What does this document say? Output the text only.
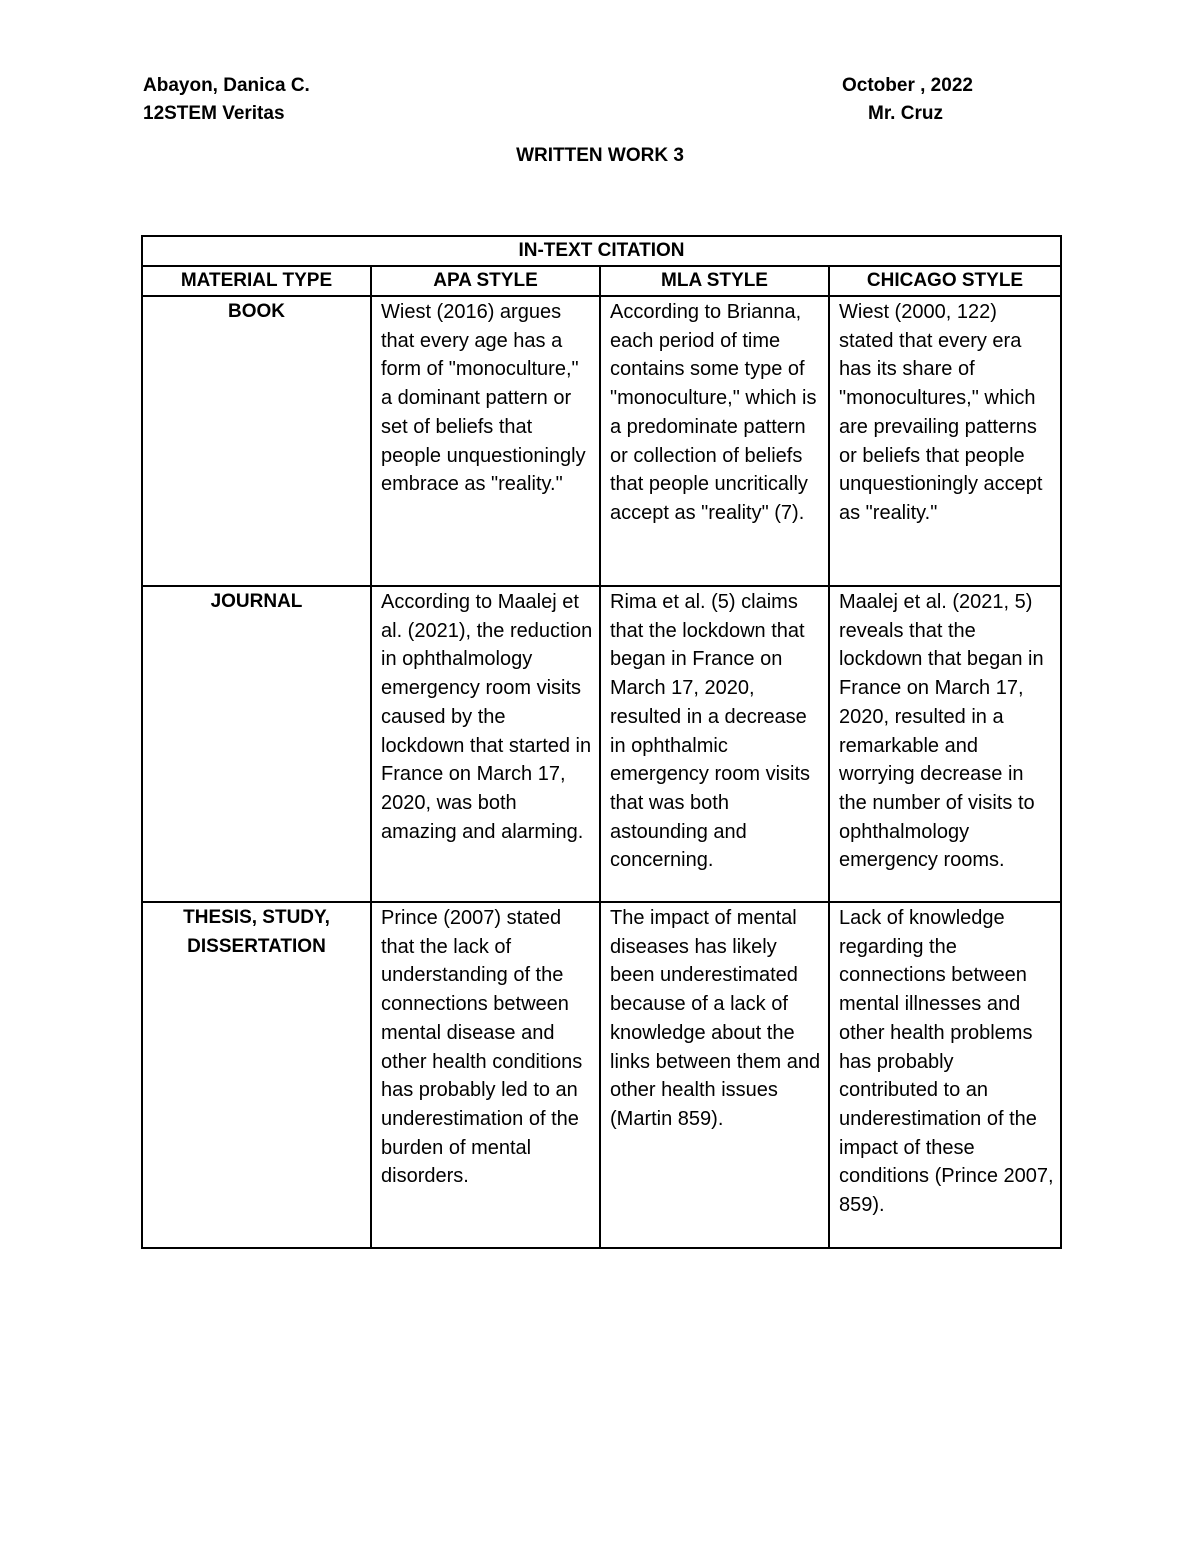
Abayon, Danica C.
12STEM Veritas
October , 2022
Mr. Cruz
WRITTEN WORK 3
IN-TEXT CITATION			
MATERIAL TYPE	APA STYLE	MLA STYLE	CHICAGO STYLE
BOOK	Wiest (2016) argues that every age has a form of "monoculture," a dominant pattern or set of beliefs that people unquestioningly embrace as "reality."	According to Brianna, each period of time contains some type of "monoculture," which is a predominate pattern or collection of beliefs that people uncritically accept as "reality" (7).	Wiest (2000, 122) stated that every era has its share of "monocultures," which are prevailing patterns or beliefs that people unquestioningly accept as "reality."
JOURNAL	According to Maalej et al. (2021), the reduction in ophthalmology emergency room visits caused by the lockdown that started in France on March 17, 2020, was both amazing and alarming.	Rima et al. (5) claims that the lockdown that began in France on March 17, 2020, resulted in a decrease in ophthalmic emergency room visits that was both astounding and concerning.	Maalej et al. (2021, 5) reveals that the lockdown that began in France on March 17, 2020, resulted in a remarkable and worrying decrease in the number of visits to ophthalmology emergency rooms.
THESIS, STUDY, DISSERTATION	Prince (2007) stated that the lack of understanding of the connections between mental disease and other health conditions has probably led to an underestimation of the burden of mental disorders.	The impact of mental diseases has likely been underestimated because of a lack of knowledge about the links between them and other health issues (Martin 859).	Lack of knowledge regarding the connections between mental illnesses and other health problems has probably contributed to an underestimation of the impact of these conditions (Prince 2007, 859).
